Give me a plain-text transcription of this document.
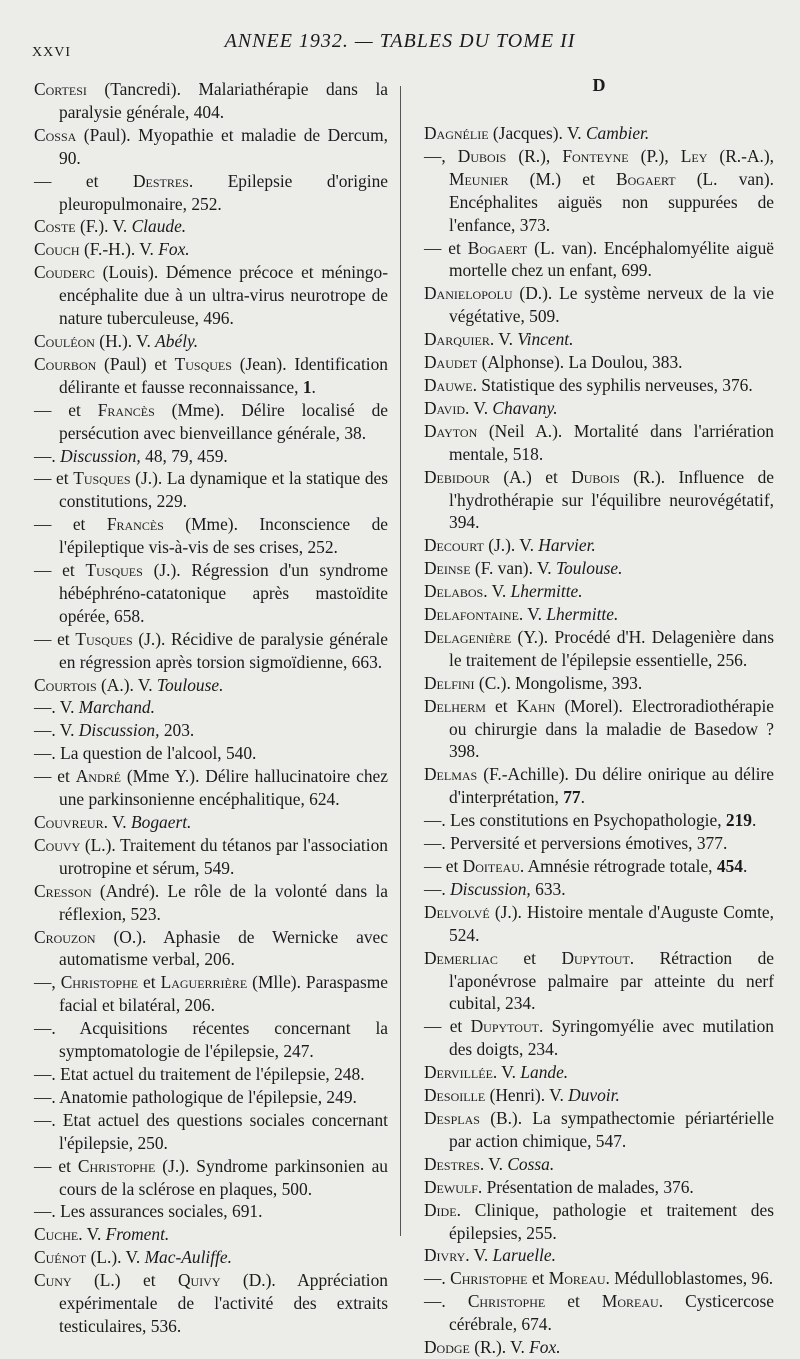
XXVI
ANNEE 1932. — TABLES DU TOME II

Cortesi (Tancredi). Malariathérapie dans la paralysie générale, 404.

Cossa (Paul). Myopathie et maladie de Dercum, 90.

— et Destres. Epilepsie d'origine pleuropulmonaire, 252.

Coste (F.). V. Claude.

Couch (F.-H.). V. Fox.

Couderc (Louis). Démence précoce et méningo-encéphalite due à un ultra-virus neurotrope de nature tuberculeuse, 496.

Couléon (H.). V. Abély.

Courbon (Paul) et Tusques (Jean). Identification délirante et fausse reconnaissance, 1.

— et Francès (Mme). Délire localisé de persécution avec bienveillance générale, 38.

—. Discussion, 48, 79, 459.

— et Tusques (J.). La dynamique et la statique des constitutions, 229.

— et Francès (Mme). Inconscience de l'épileptique vis-à-vis de ses crises, 252.

— et Tusques (J.). Régression d'un syndrome hébéphréno-catatonique après mastoïdite opérée, 658.

— et Tusques (J.). Récidive de paralysie générale en régression après torsion sigmoïdienne, 663.

Courtois (A.). V. Toulouse.

—. V. Marchand.

—. V. Discussion, 203.

—. La question de l'alcool, 540.

— et André (Mme Y.). Délire hallucinatoire chez une parkinsonienne encéphalitique, 624.

Couvreur. V. Bogaert.

Couvy (L.). Traitement du tétanos par l'association urotropine et sérum, 549.

Cresson (André). Le rôle de la volonté dans la réflexion, 523.

Crouzon (O.). Aphasie de Wernicke avec automatisme verbal, 206.

—, Christophe et Laguerrière (Mlle). Paraspasme facial et bilatéral, 206.

—. Acquisitions récentes concernant la symptomatologie de l'épilepsie, 247.

—. Etat actuel du traitement de l'épilepsie, 248.

—. Anatomie pathologique de l'épilepsie, 249.

—. Etat actuel des questions sociales concernant l'épilepsie, 250.

— et Christophe (J.). Syndrome parkinsonien au cours de la sclérose en plaques, 500.

—. Les assurances sociales, 691.

Cuche. V. Froment.

Cuénot (L.). V. Mac-Auliffe.

Cuny (L.) et Quivy (D.). Appréciation expérimentale de l'activité des extraits testiculaires, 536.

D

Dagnélie (Jacques). V. Cambier.

—, Dubois (R.), Fonteyne (P.), Ley (R.-A.), Meunier (M.) et Bogaert (L. van). Encéphalites aiguës non suppurées de l'enfance, 373.

— et Bogaert (L. van). Encéphalomyélite aiguë mortelle chez un enfant, 699.

Danielopolu (D.). Le système nerveux de la vie végétative, 509.

Darquier. V. Vincent.

Daudet (Alphonse). La Doulou, 383.

Dauwe. Statistique des syphilis nerveuses, 376.

David. V. Chavany.

Dayton (Neil A.). Mortalité dans l'arriération mentale, 518.

Debidour (A.) et Dubois (R.). Influence de l'hydrothérapie sur l'équilibre neurovégétatif, 394.

Decourt (J.). V. Harvier.

Deinse (F. van). V. Toulouse.

Delabos. V. Lhermitte.

Delafontaine. V. Lhermitte.

Delagenière (Y.). Procédé d'H. Delagenière dans le traitement de l'épilepsie essentielle, 256.

Delfini (C.). Mongolisme, 393.

Delherm et Kahn (Morel). Electroradiothérapie ou chirurgie dans la maladie de Basedow ? 398.

Delmas (F.-Achille). Du délire onirique au délire d'interprétation, 77.

—. Les constitutions en Psychopathologie, 219.

—. Perversité et perversions émotives, 377.

— et Doiteau. Amnésie rétrograde totale, 454.

—. Discussion, 633.

Delvolvé (J.). Histoire mentale d'Auguste Comte, 524.

Demerliac et Dupytout. Rétraction de l'aponévrose palmaire par atteinte du nerf cubital, 234.

— et Dupytout. Syringomyélie avec mutilation des doigts, 234.

Dervillée. V. Lande.

Desoille (Henri). V. Duvoir.

Desplas (B.). La sympathectomie périartérielle par action chimique, 547.

Destres. V. Cossa.

Dewulf. Présentation de malades, 376.

Dide. Clinique, pathologie et traitement des épilepsies, 255.

Divry. V. Laruelle.

—. Christophe et Moreau. Médulloblastomes, 96.

—. Christophe et Moreau. Cysticercose cérébrale, 674.

Dodge (R.). V. Fox.
